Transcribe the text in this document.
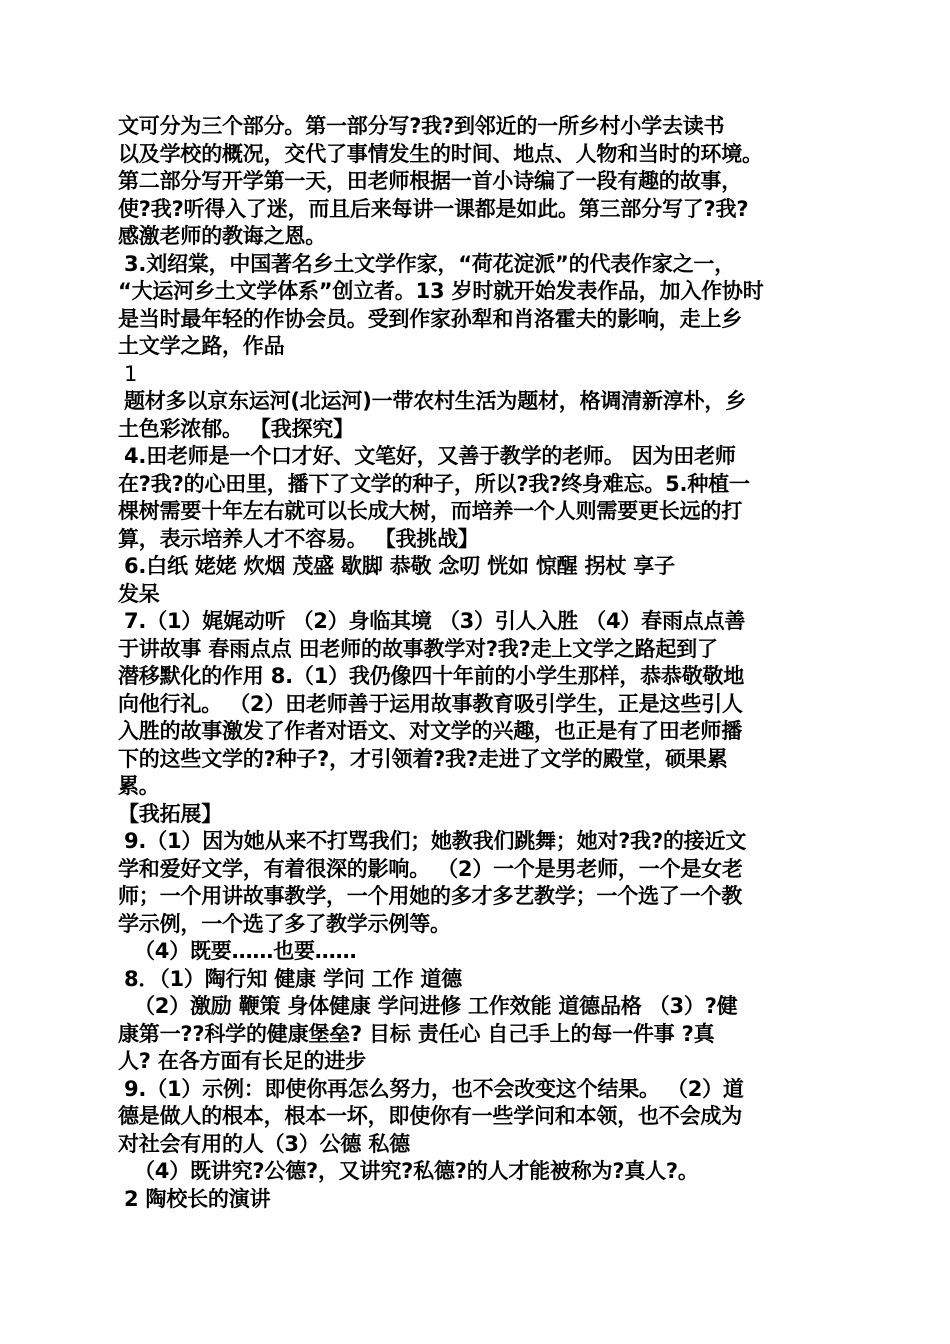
文可分为三个部分。第一部分写?我?到邻近的一所乡村小学去读书
以及学校的概况，交代了事情发生的时间、地点、人物和当时的环境。
第二部分写开学第一天，田老师根据一首小诗编了一段有趣的故事，
使?我?听得入了迷，而且后来每讲一课都是如此。第三部分写了?我?
感激老师的教诲之恩。
3.刘绍棠，中国著名乡土文学作家，“荷花淀派”的代表作家之一，
“大运河乡土文学体系”创立者。13 岁时就开始发表作品，加入作协时
是当时最年轻的作协会员。受到作家孙犁和肖洛霍夫的影响，走上乡
土文学之路，作品
1
题材多以京东运河(北运河)一带农村生活为题材，格调清新淳朴，乡
土色彩浓郁。 【我探究】
4.田老师是一个口才好、文笔好，又善于教学的老师。 因为田老师
在?我?的心田里，播下了文学的种子，所以?我?终身难忘。5.种植一
棵树需要十年左右就可以长成大树，而培养一个人则需要更长远的打
算，表示培养人才不容易。 【我挑战】
6.白纸 姥姥 炊烟 茂盛 歇脚 恭敬 念叨 恍如 惊醒 拐杖 享子
发呆
7.（1）娓娓动听 （2）身临其境 （3）引人入胜 （4）春雨点点善
于讲故事 春雨点点 田老师的故事教学对?我?走上文学之路起到了
潜移默化的作用 8.（1）我仍像四十年前的小学生那样，恭恭敬敬地
向他行礼。 （2）田老师善于运用故事教育吸引学生，正是这些引人
入胜的故事激发了作者对语文、对文学的兴趣，也正是有了田老师播
下的这些文学的?种子?，才引领着?我?走进了文学的殿堂，硕果累
累。
【我拓展】
9.（1）因为她从来不打骂我们；她教我们跳舞；她对?我?的接近文
学和爱好文学，有着很深的影响。 （2）一个是男老师，一个是女老
师；一个用讲故事教学，一个用她的多才多艺教学；一个选了一个教
学示例，一个选了多了教学示例等。
（4）既要……也要……
8．（1）陶行知 健康 学问 工作 道德
（2）激励 鞭策 身体健康 学问进修 工作效能 道德品格 （3）?健
康第一??科学的健康堡垒? 目标 责任心 自己手上的每一件事 ?真
人? 在各方面有长足的进步
9.（1）示例：即使你再怎么努力，也不会改变这个结果。 （2）道
德是做人的根本，根本一坏，即使你有一些学问和本领，也不会成为
对社会有用的人（3）公德 私德
（4）既讲究?公德?，又讲究?私德?的人才能被称为?真人?。
2 陶校长的演讲
